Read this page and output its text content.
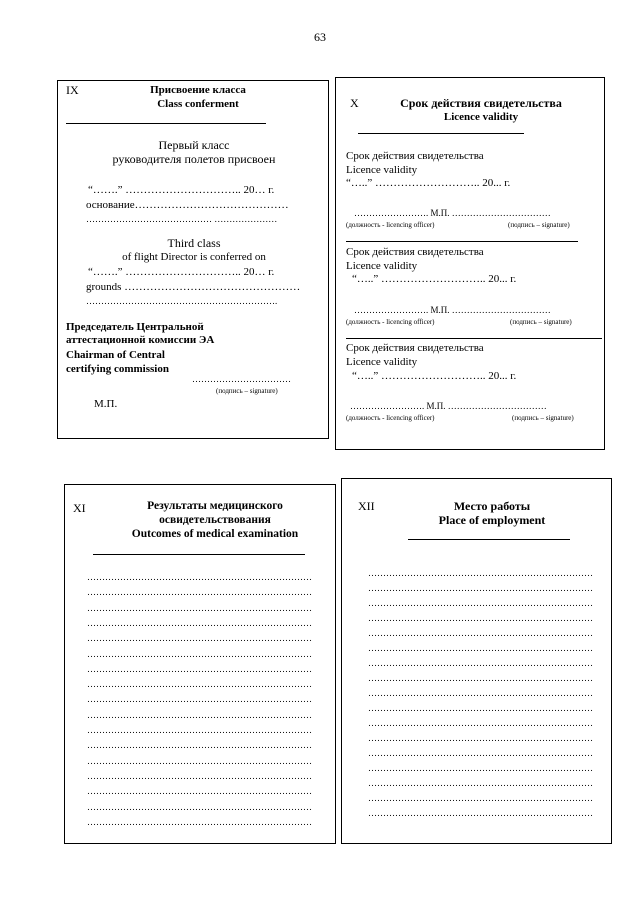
63
IX	Присвоение класса
Class conferment
Первый класс
руководителя полетов присвоен
“…….” ………………………….. 20… г.
основание……………………………………
…………………………………… …………………
Third class
of flight Director is conferred on
“…….” ………………………….. 20… г.
grounds …………………………………………
……………………………………………………….
Председатель Центральной
аттестационной комиссии ЭА
Chairman of Central
certifying commission
……………………………
(подпись – signature)
М.П.
X	Срок действия свидетельства
Licence validity
Срок действия свидетельства
Licence validity
“…..” ……………………….. 20... г.
……………………. М.П. ……………………………
(должность - licencing officer)	(подпись – signature)
Срок действия свидетельства
Licence validity
“…..” ……………………….. 20... г.
……………………. М.П. ……………………………
(должность - licencing officer)	(подпись – signature)
Срок действия свидетельства
Licence validity
“…..” ……………………….. 20... г.
……………………. М.П. ……………………………
(должность - licencing officer)	(подпись – signature)
XI	Результаты медицинского
освидетельствования
Outcomes of medical examination
…………………………………………………………………
…………………………………………………………………
…………………………………………………………………
…………………………………………………………………
…………………………………………………………………
…………………………………………………………………
…………………………………………………………………
…………………………………………………………………
…………………………………………………………………
…………………………………………………………………
…………………………………………………………………
…………………………………………………………………
…………………………………………………………………
…………………………………………………………………
…………………………………………………………………
…………………………………………………………………
…………………………………………………………………
XII	Место работы
Place of employment
…………………………………………………………………
…………………………………………………………………
…………………………………………………………………
…………………………………………………………………
…………………………………………………………………
…………………………………………………………………
…………………………………………………………………
…………………………………………………………………
…………………………………………………………………
…………………………………………………………………
…………………………………………………………………
…………………………………………………………………
…………………………………………………………………
…………………………………………………………………
…………………………………………………………………
…………………………………………………………………
…………………………………………………………………
